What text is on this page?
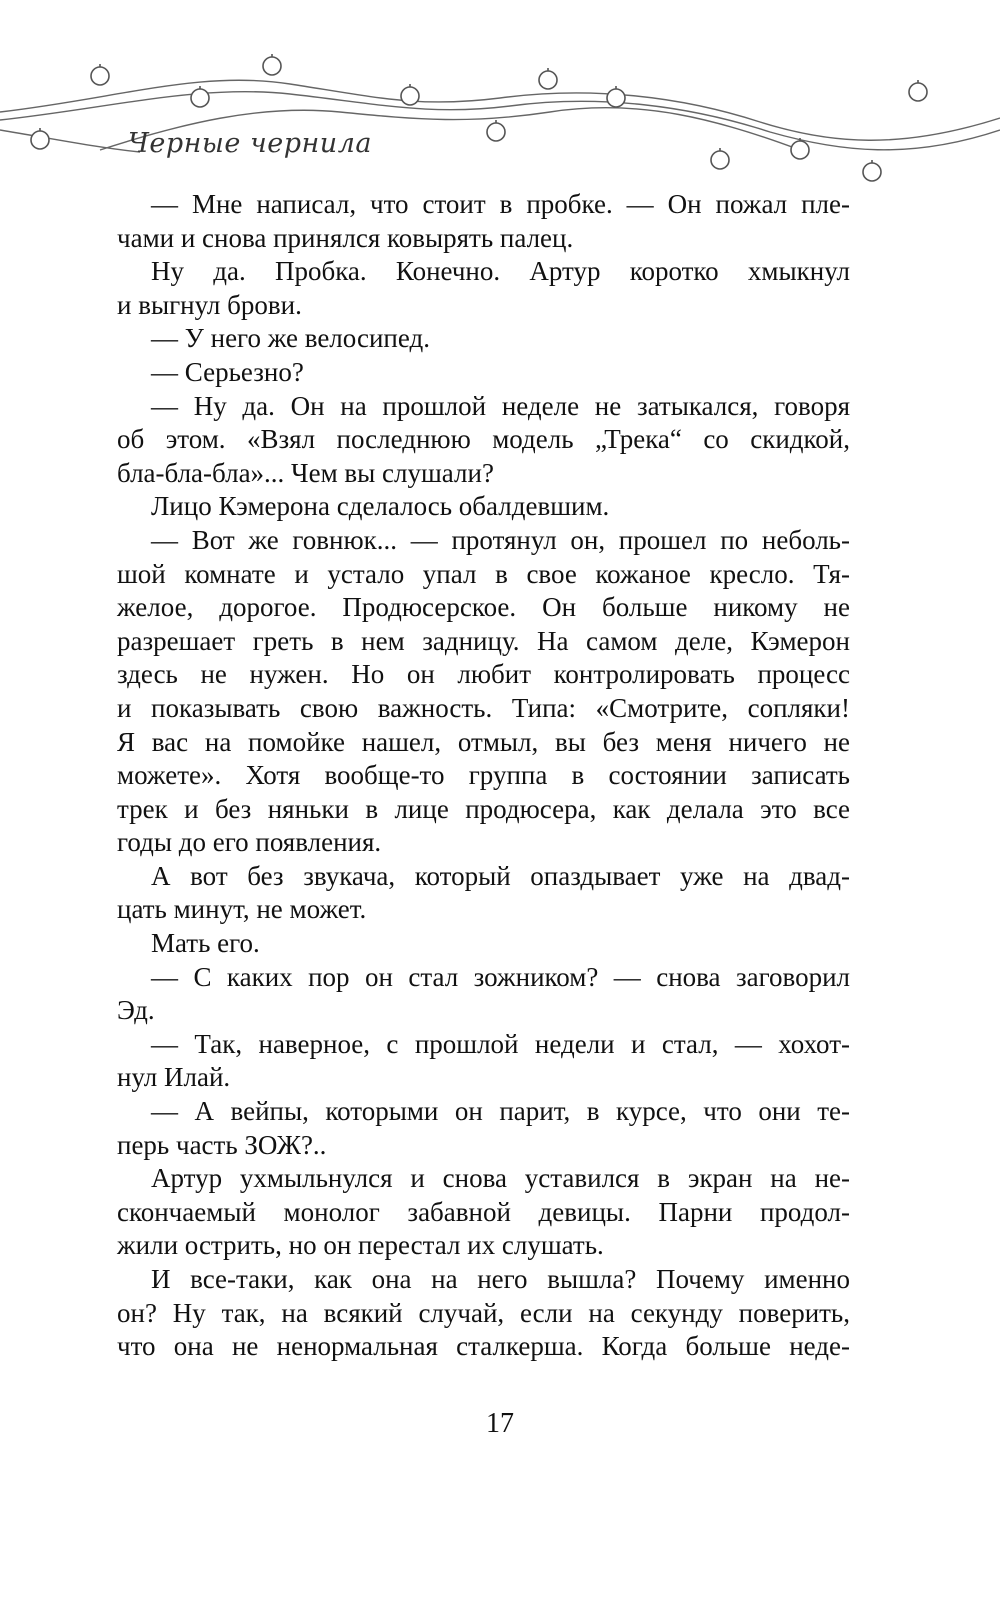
Черные чернила
— Мне написал, что стоит в пробке. — Он пожал пле-
чами и снова принялся ковырять палец.
Ну да. Пробка. Конечно. Артур коротко хмыкнул
и выгнул брови.
— У него же велосипед.
— Серьезно?
— Ну да. Он на прошлой неделе не затыкался, говоря
об этом. «Взял последнюю модель „Трека“ со скидкой,
бла-бла-бла»... Чем вы слушали?
Лицо Кэмерона сделалось обалдевшим.
— Вот же говнюк... — протянул он, прошел по неболь-
шой комнате и устало упал в свое кожаное кресло. Тя-
желое, дорогое. Продюсерское. Он больше никому не
разрешает греть в нем задницу. На самом деле, Кэмерон
здесь не нужен. Но он любит контролировать процесс
и показывать свою важность. Типа: «Смотрите, сопляки!
Я вас на помойке нашел, отмыл, вы без меня ничего не
можете». Хотя вообще-то группа в состоянии записать
трек и без няньки в лице продюсера, как делала это все
годы до его появления.
А вот без звукача, который опаздывает уже на двад-
цать минут, не может.
Мать его.
— С каких пор он стал зожником? — снова заговорил
Эд.
— Так, наверное, с прошлой недели и стал, — хохот-
нул Илай.
— А вейпы, которыми он парит, в курсе, что они те-
перь часть ЗОЖ?..
Артур ухмыльнулся и снова уставился в экран на не-
скончаемый монолог забавной девицы. Парни продол-
жили острить, но он перестал их слушать.
И все-таки, как она на него вышла? Почему именно
он? Ну так, на всякий случай, если на секунду поверить,
что она не ненормальная сталкерша. Когда больше неде-
17
